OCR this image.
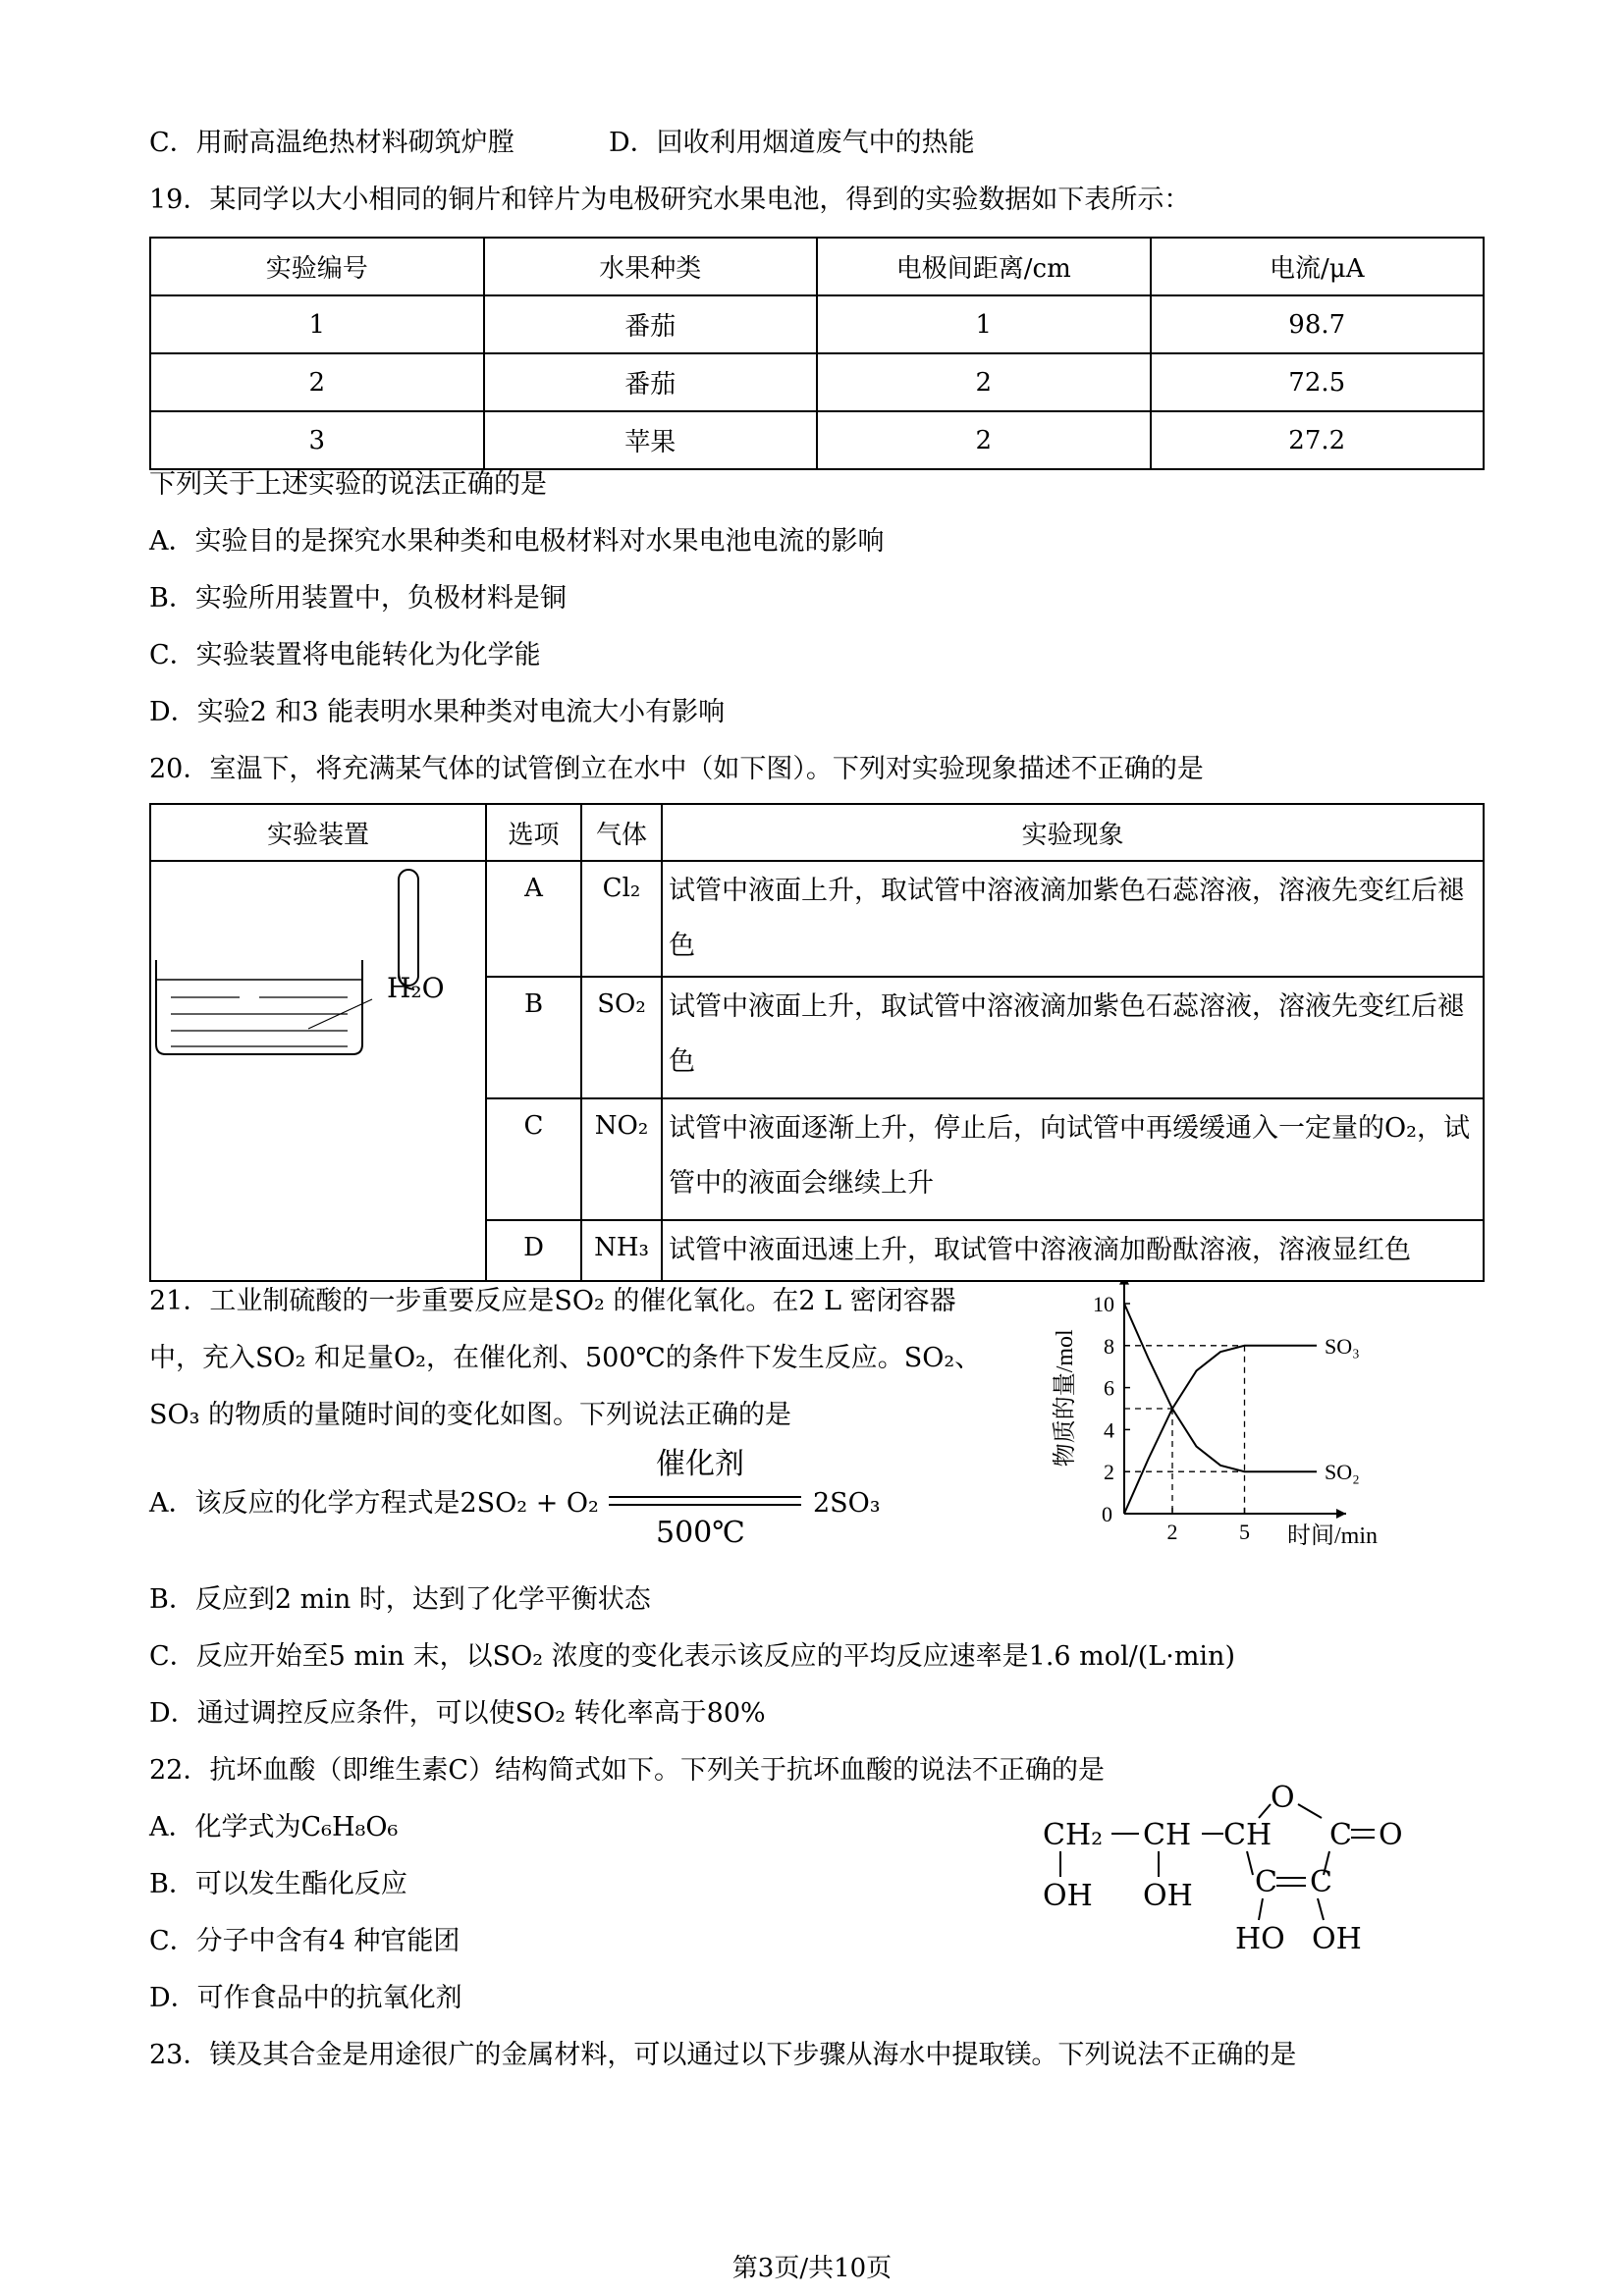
C．用耐高温绝热材料砌筑炉膛	D．回收利用烟道废气中的热能
19．某同学以大小相同的铜片和锌片为电极研究水果电池，得到的实验数据如下表所示：
实验编号	水果种类	电极间距离/cm	电流/μA
1	番茄	1	98.7
2	番茄	2	72.5
3	苹果	2	27.2
下列关于上述实验的说法正确的是
A．实验目的是探究水果种类和电极材料对水果电池电流的影响
B．实验所用装置中，负极材料是铜
C．实验装置将电能转化为化学能
D．实验2 和3 能表明水果种类对电流大小有影响
20．室温下，将充满某气体的试管倒立在水中（如下图）。下列对实验现象描述不正确的是
实验装置	选项	气体	实验现象

H₂O	A	Cl₂	试管中液面上升，取试管中溶液滴加紫色石蕊溶液，溶液先变红后褪色
	B	SO₂	试管中液面上升，取试管中溶液滴加紫色石蕊溶液，溶液先变红后褪色
	C	NO₂	试管中液面逐渐上升，停止后，向试管中再缓缓通入一定量的O₂，试管中的液面会继续上升
	D	NH₃	试管中液面迅速上升，取试管中溶液滴加酚酞溶液，溶液显红色
21．工业制硫酸的一步重要反应是SO₂ 的催化氧化。在2 L 密闭容器
中，充入SO₂ 和足量O₂，在催化剂、500℃的条件下发生反应。SO₂、
SO₃ 的物质的量随时间的变化如图。下列说法正确的是
A．该反应的化学方程式是2SO₂ + O₂
催化剂
500℃
2SO₃
B．反应到2 min 时，达到了化学平衡状态
C．反应开始至5 min 末，以SO₂ 浓度的变化表示该反应的平均反应速率是1.6 mol/(L·min)
D．通过调控反应条件，可以使SO₂ 转化率高于80%
2
4
6
8
10
0
2	5
SO₃
SO₂
时间/min
物质的量/mol
22．抗坏血酸（即维生素C）结构简式如下。下列关于抗坏血酸的说法不正确的是
A．化学式为C₆H₈O₆
B．可以发生酯化反应
C．分子中含有4 种官能团
D．可作食品中的抗氧化剂
O
CH₂ CH CH C O
OH OH C C
HO OH
23．镁及其合金是用途很广的金属材料，可以通过以下步骤从海水中提取镁。下列说法不正确的是
第3页/共10页
